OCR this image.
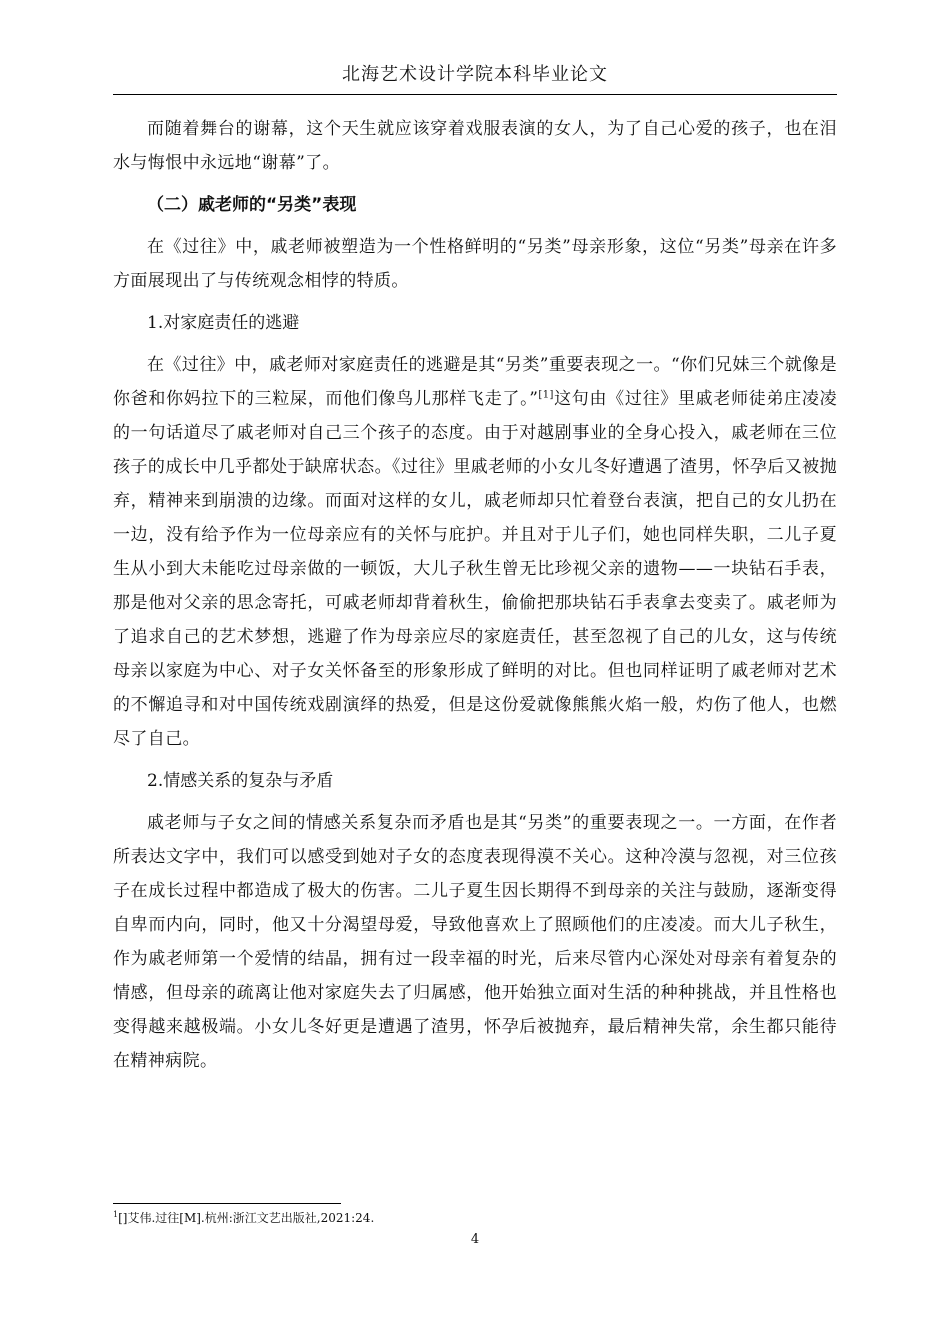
北海艺术设计学院本科毕业论文

而随着舞台的谢幕，这个天生就应该穿着戏服表演的女人，为了自己心爱的孩子，也在泪水与悔恨中永远地“谢幕”了。

（二）戚老师的“另类”表现

在《过往》中，戚老师被塑造为一个性格鲜明的“另类”母亲形象，这位“另类”母亲在许多方面展现出了与传统观念相悖的特质。

1.对家庭责任的逃避

在《过往》中，戚老师对家庭责任的逃避是其“另类”重要表现之一。“你们兄妹三个就像是你爸和你妈拉下的三粒屎，而他们像鸟儿那样飞走了。”[1]这句由《过往》里戚老师徒弟庄凌凌的一句话道尽了戚老师对自己三个孩子的态度。由于对越剧事业的全身心投入，戚老师在三位孩子的成长中几乎都处于缺席状态。《过往》里戚老师的小女儿冬好遭遇了渣男，怀孕后又被抛弃，精神来到崩溃的边缘。而面对这样的女儿，戚老师却只忙着登台表演，把自己的女儿扔在一边，没有给予作为一位母亲应有的关怀与庇护。并且对于儿子们，她也同样失职，二儿子夏生从小到大未能吃过母亲做的一顿饭，大儿子秋生曾无比珍视父亲的遗物——一块钻石手表，那是他对父亲的思念寄托，可戚老师却背着秋生，偷偷把那块钻石手表拿去变卖了。戚老师为了追求自己的艺术梦想，逃避了作为母亲应尽的家庭责任，甚至忽视了自己的儿女，这与传统母亲以家庭为中心、对子女关怀备至的形象形成了鲜明的对比。但也同样证明了戚老师对艺术的不懈追寻和对中国传统戏剧演绎的热爱，但是这份爱就像熊熊火焰一般，灼伤了他人，也燃尽了自己。

2.情感关系的复杂与矛盾

戚老师与子女之间的情感关系复杂而矛盾也是其“另类”的重要表现之一。一方面，在作者所表达文字中，我们可以感受到她对子女的态度表现得漠不关心。这种冷漠与忽视，对三位孩子在成长过程中都造成了极大的伤害。二儿子夏生因长期得不到母亲的关注与鼓励，逐渐变得自卑而内向，同时，他又十分渴望母爱，导致他喜欢上了照顾他们的庄凌凌。而大儿子秋生，作为戚老师第一个爱情的结晶，拥有过一段幸福的时光，后来尽管内心深处对母亲有着复杂的情感，但母亲的疏离让他对家庭失去了归属感，他开始独立面对生活的种种挑战，并且性格也变得越来越极端。小女儿冬好更是遭遇了渣男，怀孕后被抛弃，最后精神失常，余生都只能待在精神病院。

$^1$[]艾伟.过往[M].杭州:浙江文艺出版社,2021:24.
4
